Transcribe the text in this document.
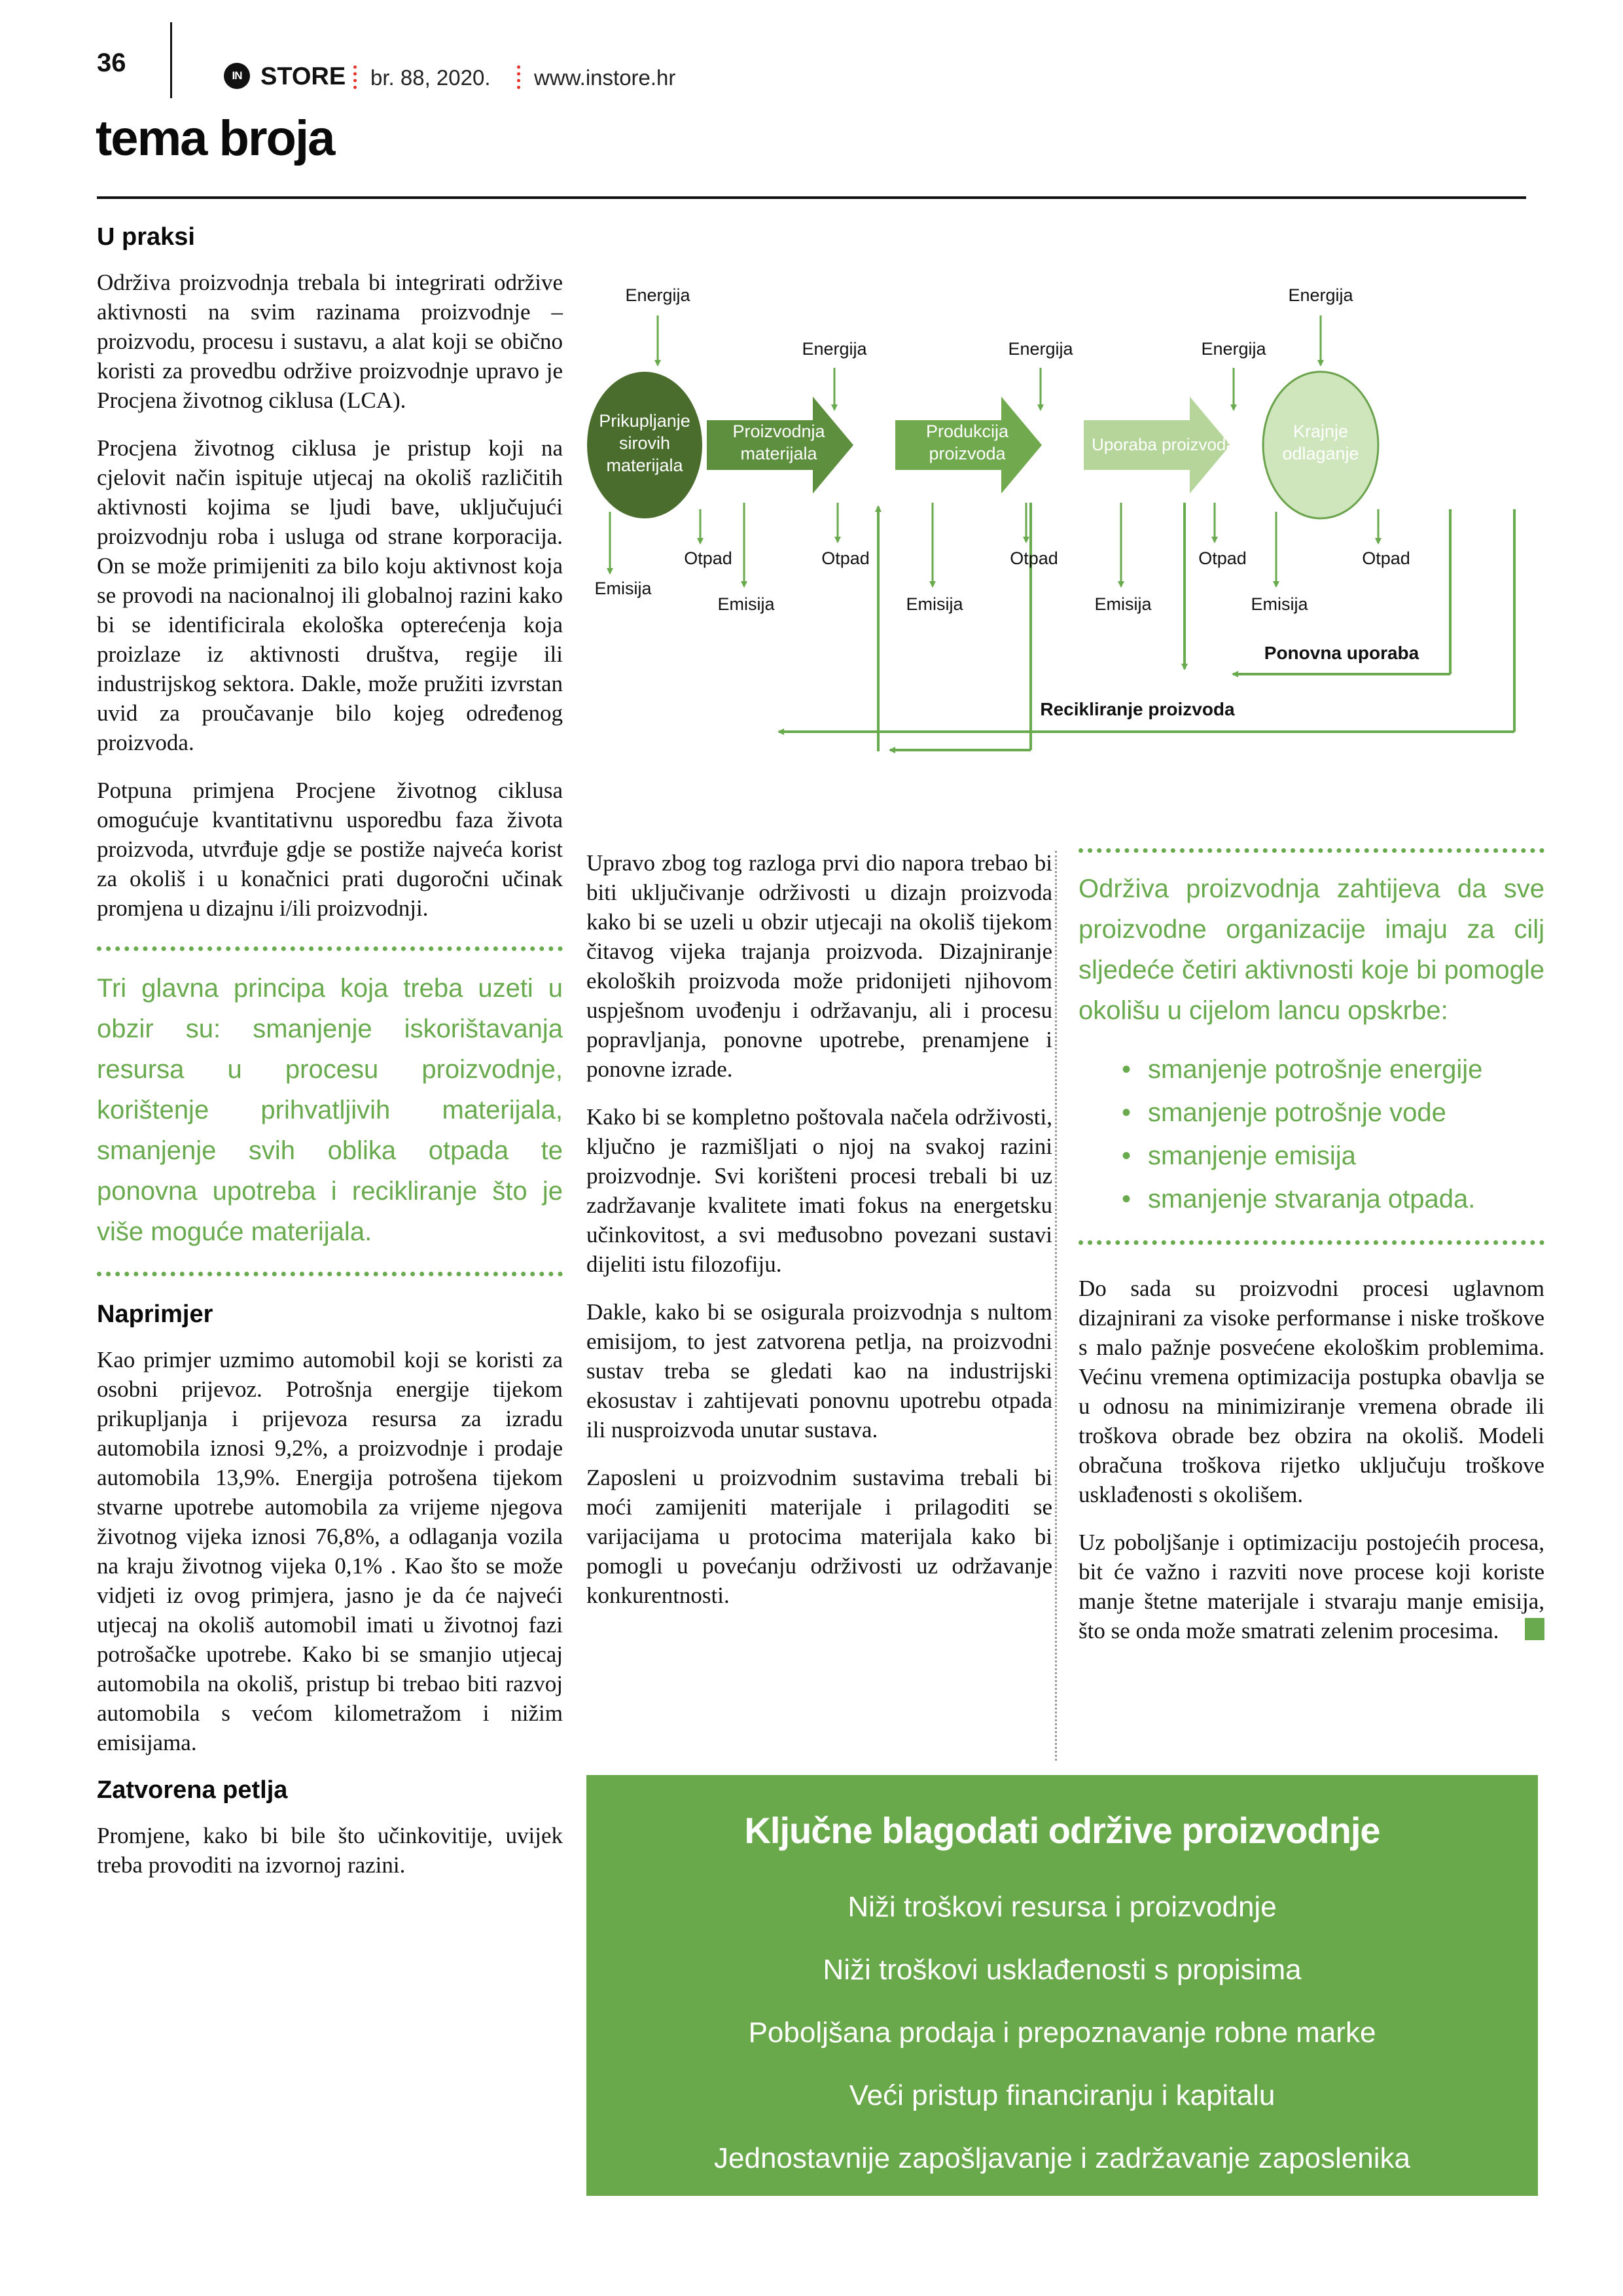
36	IN STORE br. 88, 2020. www.instore.hr
tema broja
U praksi

Održiva proizvodnja trebala bi integrirati održive aktivnosti na svim razinama proizvodnje – proizvodu, procesu i sustavu, a alat koji se obično koristi za provedbu održive proizvodnje upravo je Procjena životnog ciklusa (LCA).

Procjena životnog ciklusa je pristup koji na cjelovit način ispituje utjecaj na okoliš različitih aktivnosti kojima se ljudi bave, uključujući proizvodnju roba i usluga od strane korporacija. On se može primijeniti za bilo koju aktivnost koja se provodi na nacionalnoj ili globalnoj razini kako bi se identificirala ekološka opterećenja koja proizlaze iz aktivnosti društva, regije ili industrijskog sektora. Dakle, može pružiti izvrstan uvid za proučavanje bilo kojeg određenog proizvoda.

Potpuna primjena Procjene životnog ciklusa omogućuje kvantitativnu usporedbu faza života proizvoda, utvrđuje gdje se postiže najveća korist za okoliš i u konačnici prati dugoročni učinak promjena u dizajnu i/ili proizvodnji.

Tri glavna principa koja treba uzeti u obzir su: smanjenje iskorištavanja resursa u procesu proizvodnje, korištenje prihvatljivih materijala, smanjenje svih oblika otpada te ponovna upotreba i recikliranje što je više moguće materijala.
Naprimjer

Kao primjer uzmimo automobil koji se koristi za osobni prijevoz. Potrošnja energije tijekom prikupljanja i prijevoza resursa za izradu automobila iznosi 9,2%, a proizvodnje i prodaje automobila 13,9%. Energija potrošena tijekom stvarne upotrebe automobila za vrijeme njegova životnog vijeka iznosi 76,8%, a odlaganja vozila na kraju životnog vijeka 0,1% . Kao što se može vidjeti iz ovog primjera, jasno je da će najveći utjecaj na okoliš automobil imati u životnoj fazi potrošačke upotrebe. Kako bi se smanjio utjecaj automobila na okoliš, pristup bi trebao biti razvoj automobila s većom kilometražom i nižim emisijama.

Zatvorena petlja

Promjene, kako bi bile što učinkovitije, uvijek treba provoditi na izvornoj razini.

Energija
Energija	Energija	Energija
Energija
Prikupljanje sirovih materijala
Proizvodnja materijala
Produkcija proizvoda	Uporaba proizvoda
Krajnje odlaganje
Otpad	Otpad	Otpad	Otpad	Otpad
Emisija
Emisija	Emisija	Emisija	Emisija
Ponovna uporaba
Recikliranje proizvoda

Upravo zbog tog razloga prvi dio napora trebao bi biti uključivanje održivosti u dizajn proizvoda kako bi se uzeli u obzir utjecaji na okoliš tijekom čitavog vijeka trajanja proizvoda. Dizajniranje ekoloških proizvoda može pridonijeti njihovom uspješnom uvođenju i održavanju, ali i procesu popravljanja, ponovne upotrebe, prenamjene i ponovne izrade.

Kako bi se kompletno poštovala načela održivosti, ključno je razmišljati o njoj na svakoj razini proizvodnje. Svi korišteni procesi trebali bi uz zadržavanje kvalitete imati fokus na energetsku učinkovitost, a svi međusobno povezani sustavi dijeliti istu filozofiju.

Dakle, kako bi se osigurala proizvodnja s nultom emisijom, to jest zatvorena petlja, na proizvodni sustav treba se gledati kao na industrijski ekosustav i zahtijevati ponovnu upotrebu otpada ili nusproizvoda unutar sustava.

Zaposleni u proizvodnim sustavima trebali bi moći zamijeniti materijale i prilagoditi se varijacijama u protocima materijala kako bi pomogli u povećanju održivosti uz održavanje konkurentnosti.

Održiva proizvodnja zahtijeva da sve proizvodne organizacije imaju za cilj sljedeće četiri aktivnosti koje bi pomogle okolišu u cijelom lancu opskrbe:

• smanjenje potrošnje energije
• smanjenje potrošnje vode
• smanjenje emisija
• smanjenje stvaranja otpada.

Do sada su proizvodni procesi uglavnom dizajnirani za visoke performanse i niske troškove s malo pažnje posvećene ekološkim problemima. Većinu vremena optimizacija postupka obavlja se u odnosu na minimiziranje vremena obrade ili troškova obrade bez obzira na okoliš. Modeli obračuna troškova rijetko uključuju troškove usklađenosti s okolišem.

Uz poboljšanje i optimizaciju postojećih procesa, bit će važno i razviti nove procese koji koriste manje štetne materijale i stvaraju manje emisija, što se onda može smatrati zelenim procesima.

Ključne blagodati održive proizvodnje
Niži troškovi resursa i proizvodnje
Niži troškovi usklađenosti s propisima
Poboljšana prodaja i prepoznavanje robne marke
Veći pristup financiranju i kapitalu
Jednostavnije zapošljavanje i zadržavanje zaposlenika
